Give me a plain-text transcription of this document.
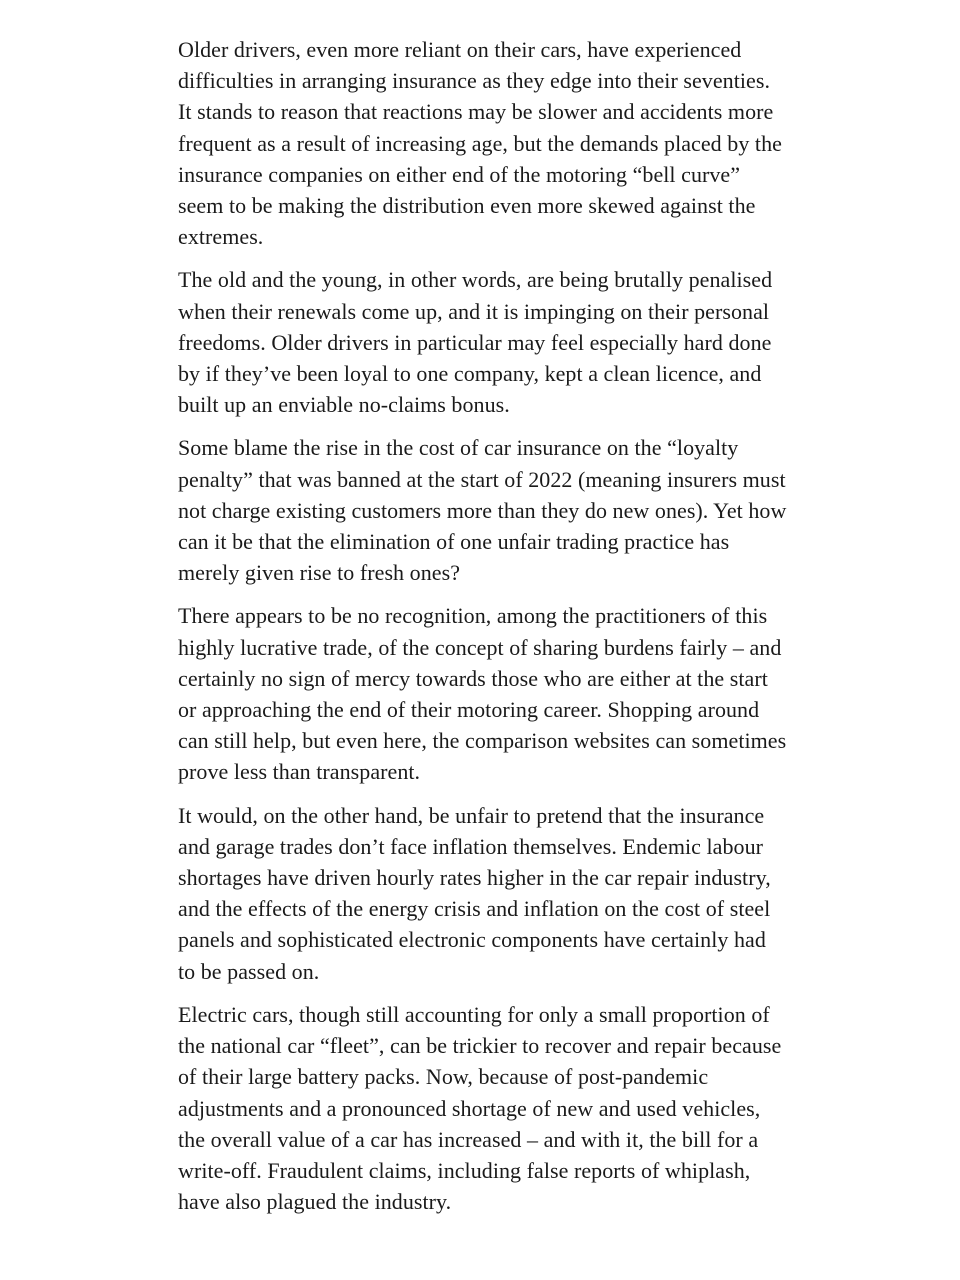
Older drivers, even more reliant on their cars, have experienced difficulties in arranging insurance as they edge into their seventies. It stands to reason that reactions may be slower and accidents more frequent as a result of increasing age, but the demands placed by the insurance companies on either end of the motoring “bell curve” seem to be making the distribution even more skewed against the extremes.

The old and the young, in other words, are being brutally penalised when their renewals come up, and it is impinging on their personal freedoms. Older drivers in particular may feel especially hard done by if they’ve been loyal to one company, kept a clean licence, and built up an enviable no-claims bonus.

Some blame the rise in the cost of car insurance on the “loyalty penalty” that was banned at the start of 2022 (meaning insurers must not charge existing customers more than they do new ones). Yet how can it be that the elimination of one unfair trading practice has merely given rise to fresh ones?

There appears to be no recognition, among the practitioners of this highly lucrative trade, of the concept of sharing burdens fairly – and certainly no sign of mercy towards those who are either at the start or approaching the end of their motoring career. Shopping around can still help, but even here, the comparison websites can sometimes prove less than transparent.

It would, on the other hand, be unfair to pretend that the insurance and garage trades don’t face inflation themselves. Endemic labour shortages have driven hourly rates higher in the car repair industry, and the effects of the energy crisis and inflation on the cost of steel panels and sophisticated electronic components have certainly had to be passed on.

Electric cars, though still accounting for only a small proportion of the national car “fleet”, can be trickier to recover and repair because of their large battery packs. Now, because of post-pandemic adjustments and a pronounced shortage of new and used vehicles, the overall value of a car has increased – and with it, the bill for a write-off. Fraudulent claims, including false reports of whiplash, have also plagued the industry.
